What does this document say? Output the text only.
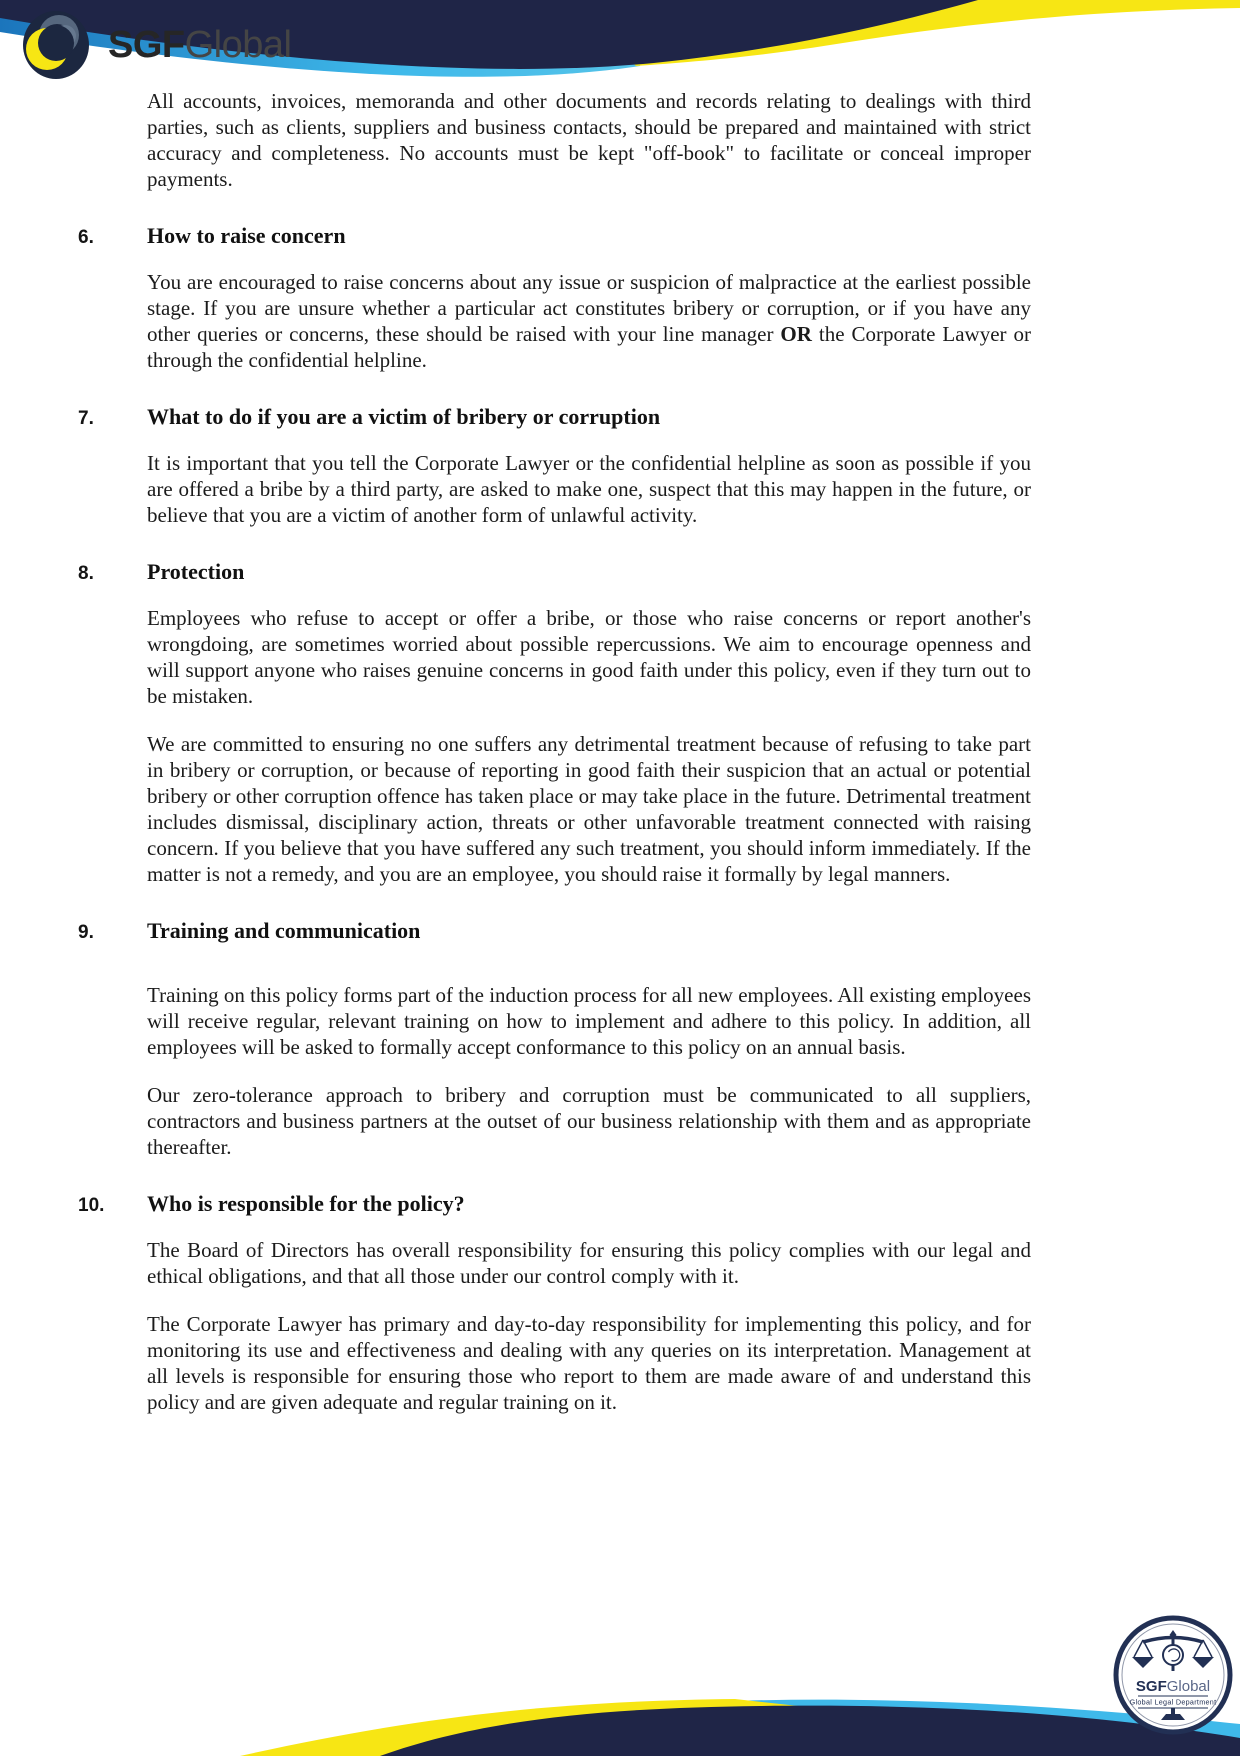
SGFGlobal

All accounts, invoices, memoranda and other documents and records relating to dealings with third parties, such as clients, suppliers and business contacts, should be prepared and maintained with strict accuracy and completeness. No accounts must be kept "off-book" to facilitate or conceal improper payments.

6.	How to raise concern

You are encouraged to raise concerns about any issue or suspicion of malpractice at the earliest possible stage. If you are unsure whether a particular act constitutes bribery or corruption, or if you have any other queries or concerns, these should be raised with your line manager OR the Corporate Lawyer or through the confidential helpline.

7.	What to do if you are a victim of bribery or corruption

It is important that you tell the Corporate Lawyer or the confidential helpline as soon as possible if you are offered a bribe by a third party, are asked to make one, suspect that this may happen in the future, or believe that you are a victim of another form of unlawful activity.

8.	Protection

Employees who refuse to accept or offer a bribe, or those who raise concerns or report another's wrongdoing, are sometimes worried about possible repercussions. We aim to encourage openness and will support anyone who raises genuine concerns in good faith under this policy, even if they turn out to be mistaken.

We are committed to ensuring no one suffers any detrimental treatment because of refusing to take part in bribery or corruption, or because of reporting in good faith their suspicion that an actual or potential bribery or other corruption offence has taken place or may take place in the future. Detrimental treatment includes dismissal, disciplinary action, threats or other unfavorable treatment connected with raising concern. If you believe that you have suffered any such treatment, you should inform immediately. If the matter is not a remedy, and you are an employee, you should raise it formally by legal manners.

9.	Training and communication

Training on this policy forms part of the induction process for all new employees. All existing employees will receive regular, relevant training on how to implement and adhere to this policy. In addition, all employees will be asked to formally accept conformance to this policy on an annual basis.

Our zero-tolerance approach to bribery and corruption must be communicated to all suppliers, contractors and business partners at the outset of our business relationship with them and as appropriate thereafter.

10.	Who is responsible for the policy?

The Board of Directors has overall responsibility for ensuring this policy complies with our legal and ethical obligations, and that all those under our control comply with it.

The Corporate Lawyer has primary and day-to-day responsibility for implementing this policy, and for monitoring its use and effectiveness and dealing with any queries on its interpretation. Management at all levels is responsible for ensuring those who report to them are made aware of and understand this policy and are given adequate and regular training on it.

SGFGlobal
Global Legal Department
